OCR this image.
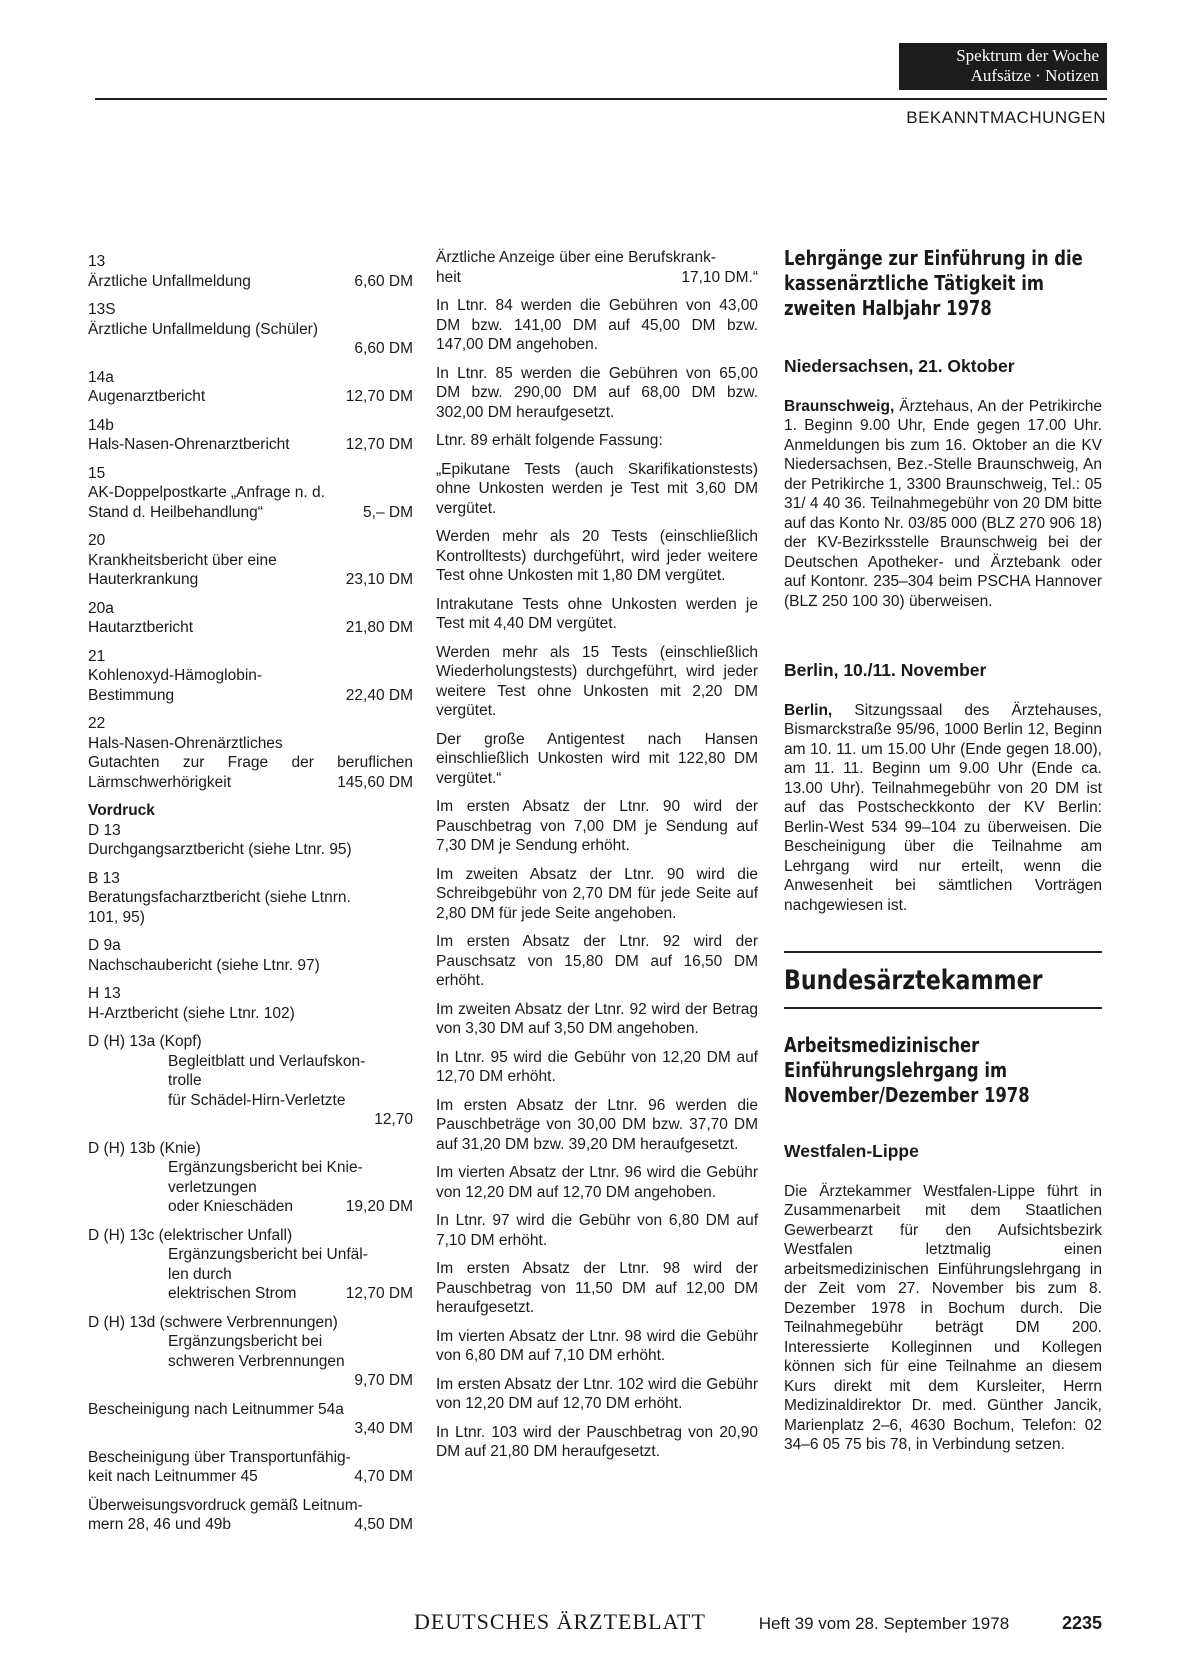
Spektrum der Woche
Aufsätze · Notizen
BEKANNTMACHUNGEN
13
Ärztliche Unfallmeldung	6,60 DM
13S
Ärztliche Unfallmeldung (Schüler)
6,60 DM
14a
Augenarztbericht	12,70 DM
14b
Hals-Nasen-Ohrenarztbericht	12,70 DM
15
AK-Doppelpostkarte „Anfrage n. d.
Stand d. Heilbehandlung“	5,– DM
20
Krankheitsbericht über eine
Hauterkrankung	23,10 DM
20a
Hautarztbericht	21,80 DM
21
Kohlenoxyd-Hämoglobin-
Bestimmung	22,40 DM
22
Hals-Nasen-Ohrenärztliches
Gutachten zur Frage der beruflichen
Lärmschwerhörigkeit	145,60 DM
Vordruck
D 13
Durchgangsarztbericht (siehe Ltnr. 95)
B 13
Beratungsfacharztbericht (siehe Ltnrn.
101, 95)
D 9a
Nachschaubericht (siehe Ltnr. 97)
H 13
H-Arztbericht (siehe Ltnr. 102)
D (H) 13a (Kopf)
Begleitblatt und Verlaufskon-
trolle
für Schädel-Hirn-Verletzte
12,70
D (H) 13b (Knie)
Ergänzungsbericht bei Knie-
verletzungen
oder Knieschäden	19,20 DM
D (H) 13c (elektrischer Unfall)
Ergänzungsbericht bei Unfäl-
len durch
elektrischen Strom	12,70 DM
D (H) 13d (schwere Verbrennungen)
Ergänzungsbericht bei
schweren Verbrennungen
9,70 DM
Bescheinigung nach Leitnummer 54a
3,40 DM
Bescheinigung über Transportunfähig-
keit nach Leitnummer 45	4,70 DM
Überweisungsvordruck gemäß Leitnum-
mern 28, 46 und 49b	4,50 DM
Ärztliche Anzeige über eine Berufskrank-
heit	17,10 DM.“

In Ltnr. 84 werden die Gebühren von 43,00 DM bzw. 141,00 DM auf 45,00 DM bzw. 147,00 DM angehoben.

In Ltnr. 85 werden die Gebühren von 65,00 DM bzw. 290,00 DM auf 68,00 DM bzw. 302,00 DM heraufgesetzt.

Ltnr. 89 erhält folgende Fassung:

„Epikutane Tests (auch Skarifikationstests) ohne Unkosten werden je Test mit 3,60 DM vergütet.

Werden mehr als 20 Tests (einschließlich Kontrolltests) durchgeführt, wird jeder weitere Test ohne Unkosten mit 1,80 DM vergütet.

Intrakutane Tests ohne Unkosten werden je Test mit 4,40 DM vergütet.

Werden mehr als 15 Tests (einschließlich Wiederholungstests) durchgeführt, wird jeder weitere Test ohne Unkosten mit 2,20 DM vergütet.

Der große Antigentest nach Hansen einschließlich Unkosten wird mit 122,80 DM vergütet.“

Im ersten Absatz der Ltnr. 90 wird der Pauschbetrag von 7,00 DM je Sendung auf 7,30 DM je Sendung erhöht.

Im zweiten Absatz der Ltnr. 90 wird die Schreibgebühr von 2,70 DM für jede Seite auf 2,80 DM für jede Seite angehoben.

Im ersten Absatz der Ltnr. 92 wird der Pauschsatz von 15,80 DM auf 16,50 DM erhöht.

Im zweiten Absatz der Ltnr. 92 wird der Betrag von 3,30 DM auf 3,50 DM angehoben.

In Ltnr. 95 wird die Gebühr von 12,20 DM auf 12,70 DM erhöht.

Im ersten Absatz der Ltnr. 96 werden die Pauschbeträge von 30,00 DM bzw. 37,70 DM auf 31,20 DM bzw. 39,20 DM heraufgesetzt.

Im vierten Absatz der Ltnr. 96 wird die Gebühr von 12,20 DM auf 12,70 DM angehoben.

In Ltnr. 97 wird die Gebühr von 6,80 DM auf 7,10 DM erhöht.

Im ersten Absatz der Ltnr. 98 wird der Pauschbetrag von 11,50 DM auf 12,00 DM heraufgesetzt.

Im vierten Absatz der Ltnr. 98 wird die Gebühr von 6,80 DM auf 7,10 DM erhöht.

Im ersten Absatz der Ltnr. 102 wird die Gebühr von 12,20 DM auf 12,70 DM erhöht.

In Ltnr. 103 wird der Pauschbetrag von 20,90 DM auf 21,80 DM heraufgesetzt.

Lehrgänge zur Einführung in die kassenärztliche Tätigkeit im zweiten Halbjahr 1978
Niedersachsen, 21. Oktober

Braunschweig, Ärztehaus, An der Petrikirche 1. Beginn 9.00 Uhr, Ende gegen 17.00 Uhr. Anmeldungen bis zum 16. Oktober an die KV Niedersachsen, Bez.-Stelle Braunschweig, An der Petrikirche 1, 3300 Braunschweig, Tel.: 05 31/ 4 40 36. Teilnahmegebühr von 20 DM bitte auf das Konto Nr. 03/85 000 (BLZ 270 906 18) der KV-Bezirksstelle Braunschweig bei der Deutschen Apotheker- und Ärztebank oder auf Kontonr. 235–304 beim PSCHA Hannover (BLZ 250 100 30) überweisen.

Berlin, 10./11. November

Berlin, Sitzungssaal des Ärztehauses, Bismarckstraße 95/96, 1000 Berlin 12, Beginn am 10. 11. um 15.00 Uhr (Ende gegen 18.00), am 11. 11. Beginn um 9.00 Uhr (Ende ca. 13.00 Uhr). Teilnahmegebühr von 20 DM ist auf das Postscheckkonto der KV Berlin: Berlin-West 534 99–104 zu überweisen. Die Bescheinigung über die Teilnahme am Lehrgang wird nur erteilt, wenn die Anwesenheit bei sämtlichen Vorträgen nachgewiesen ist.

Bundesärztekammer
Arbeitsmedizinischer Einführungslehrgang im November/Dezember 1978
Westfalen-Lippe

Die Ärztekammer Westfalen-Lippe führt in Zusammenarbeit mit dem Staatlichen Gewerbearzt für den Aufsichtsbezirk Westfalen letztmalig einen arbeitsmedizinischen Einführungslehrgang in der Zeit vom 27. November bis zum 8. Dezember 1978 in Bochum durch. Die Teilnahmegebühr beträgt DM 200. Interessierte Kolleginnen und Kollegen können sich für eine Teilnahme an diesem Kurs direkt mit dem Kursleiter, Herrn Medizinaldirektor Dr. med. Günther Jancik, Marienplatz 2–6, 4630 Bochum, Telefon: 02 34–6 05 75 bis 78, in Verbindung setzen.

DEUTSCHES ÄRZTEBLATT	Heft 39 vom 28. September 1978	2235
